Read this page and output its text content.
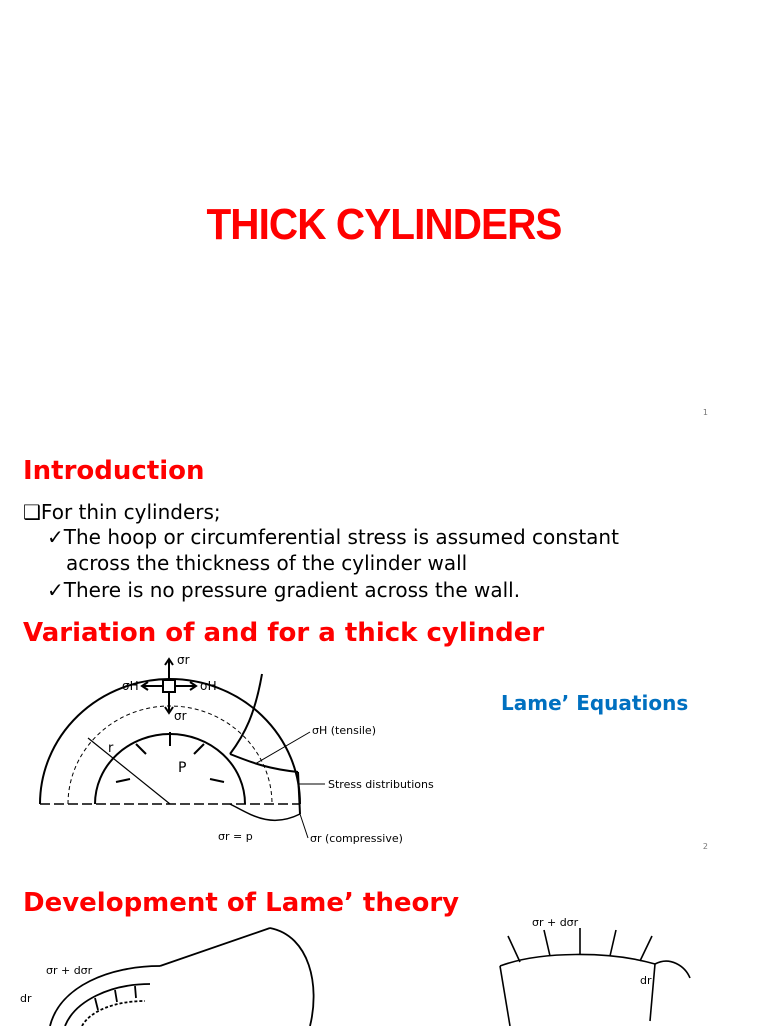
THICK CYLINDERS
1
Introduction
❑For thin cylinders;
✓The hoop or circumferential stress is assumed constant
across the thickness of the cylinder wall
✓There is no pressure gradient across the wall.
Variation of and for a thick cylinder
σr
σH	σH
σr
r
P
σH (tensile)
Stress distributions
σr (compressive)
σr = p
Lame’ Equations
2
Development of Lame’ theory
σr + dσr
dr
σr + dσr
dr
